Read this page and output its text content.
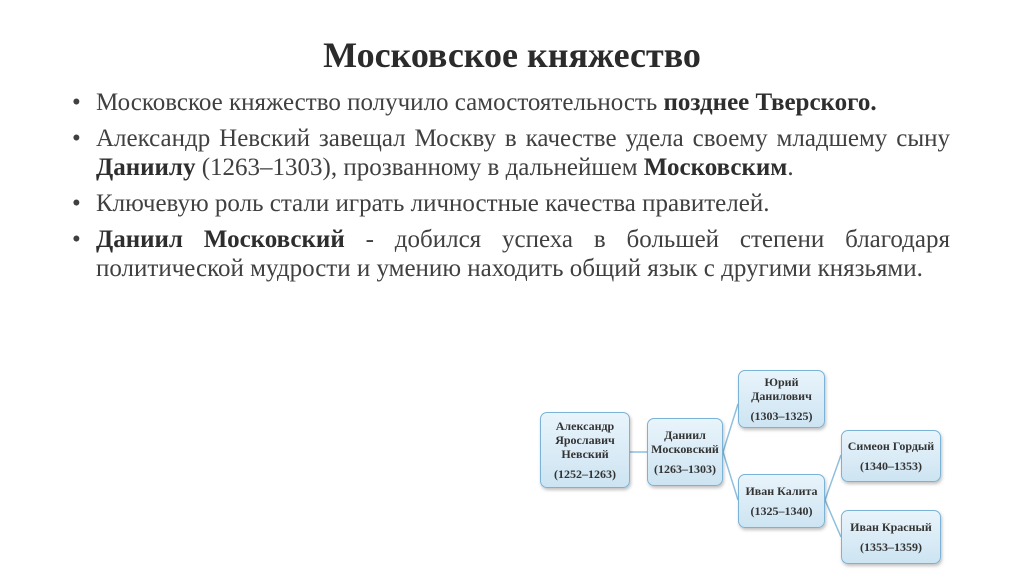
Московское княжество
• Московское княжество получило самостоятельность позднее Тверского.
• Александр Невский завещал Москву в качестве удела своему младшему сыну Даниилу (1263–1303), прозванному в дальнейшем Московским.
• Ключевую роль стали играть личностные качества правителей.
• Даниил Московский - добился успеха в большей степени благодаря политической мудрости и умению находить общий язык с другими князьями.
Александр Ярославич Невский
(1252–1263)
Даниил Московский
(1263–1303)
Юрий Данилович
(1303–1325)
Иван Калита
(1325–1340)
Симеон Гордый
(1340–1353)
Иван Красный
(1353–1359)
